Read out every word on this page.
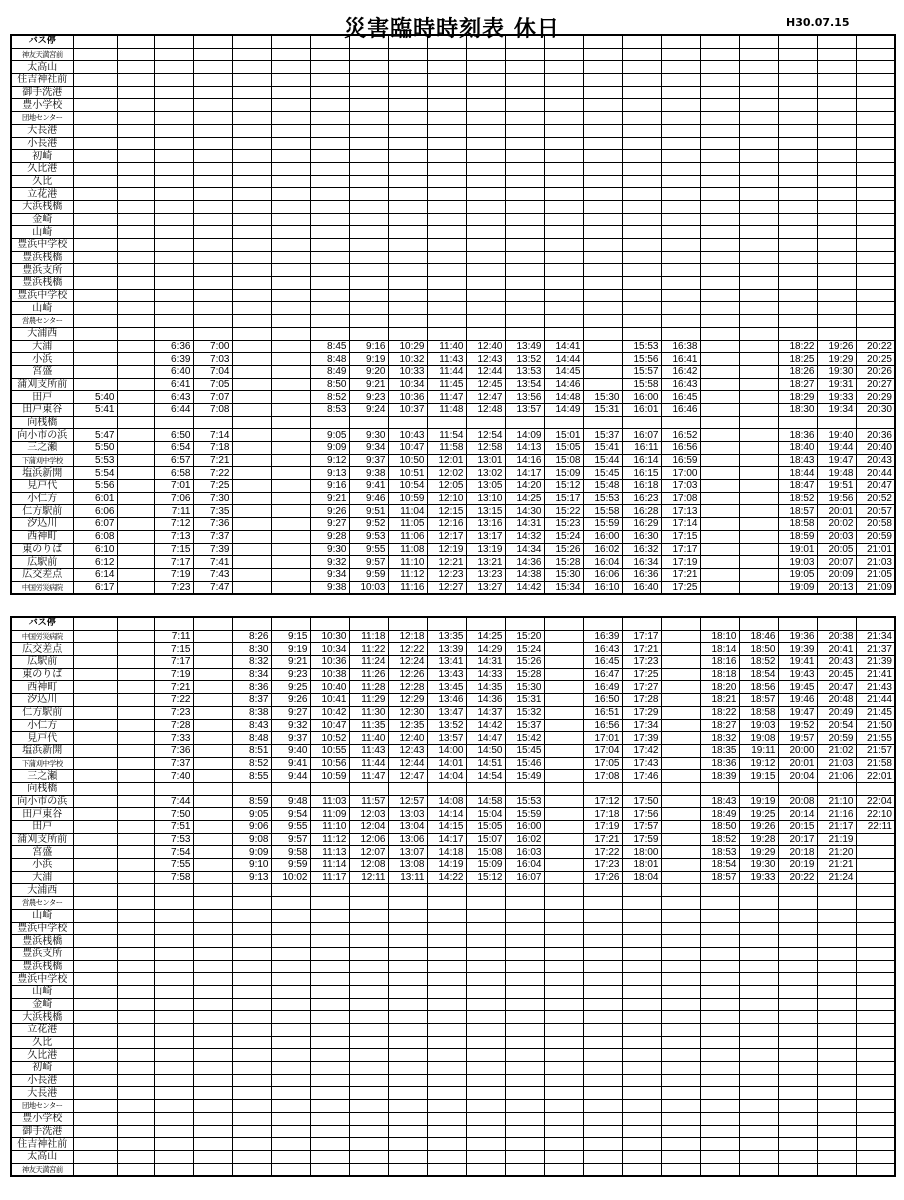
災害臨時時刻表 休日	H30.07.15
バス停																					
神友天満宮前																					
太高山																					
住吉神社前																					
御手洗港																					
豊小学校																					
団地センター																					
大長港																					
小長港																					
初崎																					
久比港																					
久比																					
立花港																					
大浜桟橋																					
金崎																					
山崎																					
豊浜中学校																					
豊浜桟橋																					
豊浜支所																					
豊浜桟橋																					
豊浜中学校																					
山崎																					
営農センター																					
大浦西																					
大浦			6:36	7:00			8:45	9:16	10:29	11:40	12:40	13:49	14:41		15:53	16:38			18:22	19:26	20:22
小浜			6:39	7:03			8:48	9:19	10:32	11:43	12:43	13:52	14:44		15:56	16:41			18:25	19:29	20:25
宮盛			6:40	7:04			8:49	9:20	10:33	11:44	12:44	13:53	14:45		15:57	16:42			18:26	19:30	20:26
蒲刈支所前			6:41	7:05			8:50	9:21	10:34	11:45	12:45	13:54	14:46		15:58	16:43			18:27	19:31	20:27
田戸	5:40		6:43	7:07			8:52	9:23	10:36	11:47	12:47	13:56	14:48	15:30	16:00	16:45			18:29	19:33	20:29
田戸東谷	5:41		6:44	7:08			8:53	9:24	10:37	11:48	12:48	13:57	14:49	15:31	16:01	16:46			18:30	19:34	20:30
向桟橋																					
向小市の浜	5:47		6:50	7:14			9:05	9:30	10:43	11:54	12:54	14:09	15:01	15:37	16:07	16:52			18:36	19:40	20:36
三之瀬	5:50		6:54	7:18			9:09	9:34	10:47	11:58	12:58	14:13	15:05	15:41	16:11	16:56			18:40	19:44	20:40
下蒲刈中学校	5:53		6:57	7:21			9:12	9:37	10:50	12:01	13:01	14:16	15:08	15:44	16:14	16:59			18:43	19:47	20:43
塩浜新開	5:54		6:58	7:22			9:13	9:38	10:51	12:02	13:02	14:17	15:09	15:45	16:15	17:00			18:44	19:48	20:44
見戸代	5:56		7:01	7:25			9:16	9:41	10:54	12:05	13:05	14:20	15:12	15:48	16:18	17:03			18:47	19:51	20:47
小仁方	6:01		7:06	7:30			9:21	9:46	10:59	12:10	13:10	14:25	15:17	15:53	16:23	17:08			18:52	19:56	20:52
仁方駅前	6:06		7:11	7:35			9:26	9:51	11:04	12:15	13:15	14:30	15:22	15:58	16:28	17:13			18:57	20:01	20:57
汐込川	6:07		7:12	7:36			9:27	9:52	11:05	12:16	13:16	14:31	15:23	15:59	16:29	17:14			18:58	20:02	20:58
西神町	6:08		7:13	7:37			9:28	9:53	11:06	12:17	13:17	14:32	15:24	16:00	16:30	17:15			18:59	20:03	20:59
東のりば	6:10		7:15	7:39			9:30	9:55	11:08	12:19	13:19	14:34	15:26	16:02	16:32	17:17			19:01	20:05	21:01
広駅前	6:12		7:17	7:41			9:32	9:57	11:10	12:21	13:21	14:36	15:28	16:04	16:34	17:19			19:03	20:07	21:03
広交差点	6:14		7:19	7:43			9:34	9:59	11:12	12:23	13:23	14:38	15:30	16:06	16:36	17:21			19:05	20:09	21:05
中国労災病院	6:17		7:23	7:47			9:38	10:03	11:16	12:27	13:27	14:42	15:34	16:10	16:40	17:25			19:09	20:13	21:09
バス停																					
中国労災病院			7:11		8:26	9:15	10:30	11:18	12:18	13:35	14:25	15:20		16:39	17:17		18:10	18:46	19:36	20:38	21:34
広交差点			7:15		8:30	9:19	10:34	11:22	12:22	13:39	14:29	15:24		16:43	17:21		18:14	18:50	19:39	20:41	21:37
広駅前			7:17		8:32	9:21	10:36	11:24	12:24	13:41	14:31	15:26		16:45	17:23		18:16	18:52	19:41	20:43	21:39
東のりば			7:19		8:34	9:23	10:38	11:26	12:26	13:43	14:33	15:28		16:47	17:25		18:18	18:54	19:43	20:45	21:41
西神町			7:21		8:36	9:25	10:40	11:28	12:28	13:45	14:35	15:30		16:49	17:27		18:20	18:56	19:45	20:47	21:43
汐込川			7:22		8:37	9:26	10:41	11:29	12:29	13:46	14:36	15:31		16:50	17:28		18:21	18:57	19:46	20:48	21:44
仁方駅前			7:23		8:38	9:27	10:42	11:30	12:30	13:47	14:37	15:32		16:51	17:29		18:22	18:58	19:47	20:49	21:45
小仁方			7:28		8:43	9:32	10:47	11:35	12:35	13:52	14:42	15:37		16:56	17:34		18:27	19:03	19:52	20:54	21:50
見戸代			7:33		8:48	9:37	10:52	11:40	12:40	13:57	14:47	15:42		17:01	17:39		18:32	19:08	19:57	20:59	21:55
塩浜新開			7:36		8:51	9:40	10:55	11:43	12:43	14:00	14:50	15:45		17:04	17:42		18:35	19:11	20:00	21:02	21:57
下蒲刈中学校			7:37		8:52	9:41	10:56	11:44	12:44	14:01	14:51	15:46		17:05	17:43		18:36	19:12	20:01	21:03	21:58
三之瀬			7:40		8:55	9:44	10:59	11:47	12:47	14:04	14:54	15:49		17:08	17:46		18:39	19:15	20:04	21:06	22:01
向桟橋																					
向小市の浜			7:44		8:59	9:48	11:03	11:57	12:57	14:08	14:58	15:53		17:12	17:50		18:43	19:19	20:08	21:10	22:04
田戸東谷			7:50		9:05	9:54	11:09	12:03	13:03	14:14	15:04	15:59		17:18	17:56		18:49	19:25	20:14	21:16	22:10
田戸			7:51		9:06	9:55	11:10	12:04	13:04	14:15	15:05	16:00		17:19	17:57		18:50	19:26	20:15	21:17	22:11
蒲刈支所前			7:53		9:08	9:57	11:12	12:06	13:06	14:17	15:07	16:02		17:21	17:59		18:52	19:28	20:17	21:19	
宮盛			7:54		9:09	9:58	11:13	12:07	13:07	14:18	15:08	16:03		17:22	18:00		18:53	19:29	20:18	21:20	
小浜			7:55		9:10	9:59	11:14	12:08	13:08	14:19	15:09	16:04		17:23	18:01		18:54	19:30	20:19	21:21	
大浦			7:58		9:13	10:02	11:17	12:11	13:11	14:22	15:12	16:07		17:26	18:04		18:57	19:33	20:22	21:24	
大浦西																					
営農センター																					
山崎																					
豊浜中学校																					
豊浜桟橋																					
豊浜支所																					
豊浜桟橋																					
豊浜中学校																					
山崎																					
金崎																					
大浜桟橋																					
立花港																					
久比																					
久比港																					
初崎																					
小長港																					
大長港																					
団地センター																					
豊小学校																					
御手洗港																					
住吉神社前																					
太高山																					
神友天満宮前																					
